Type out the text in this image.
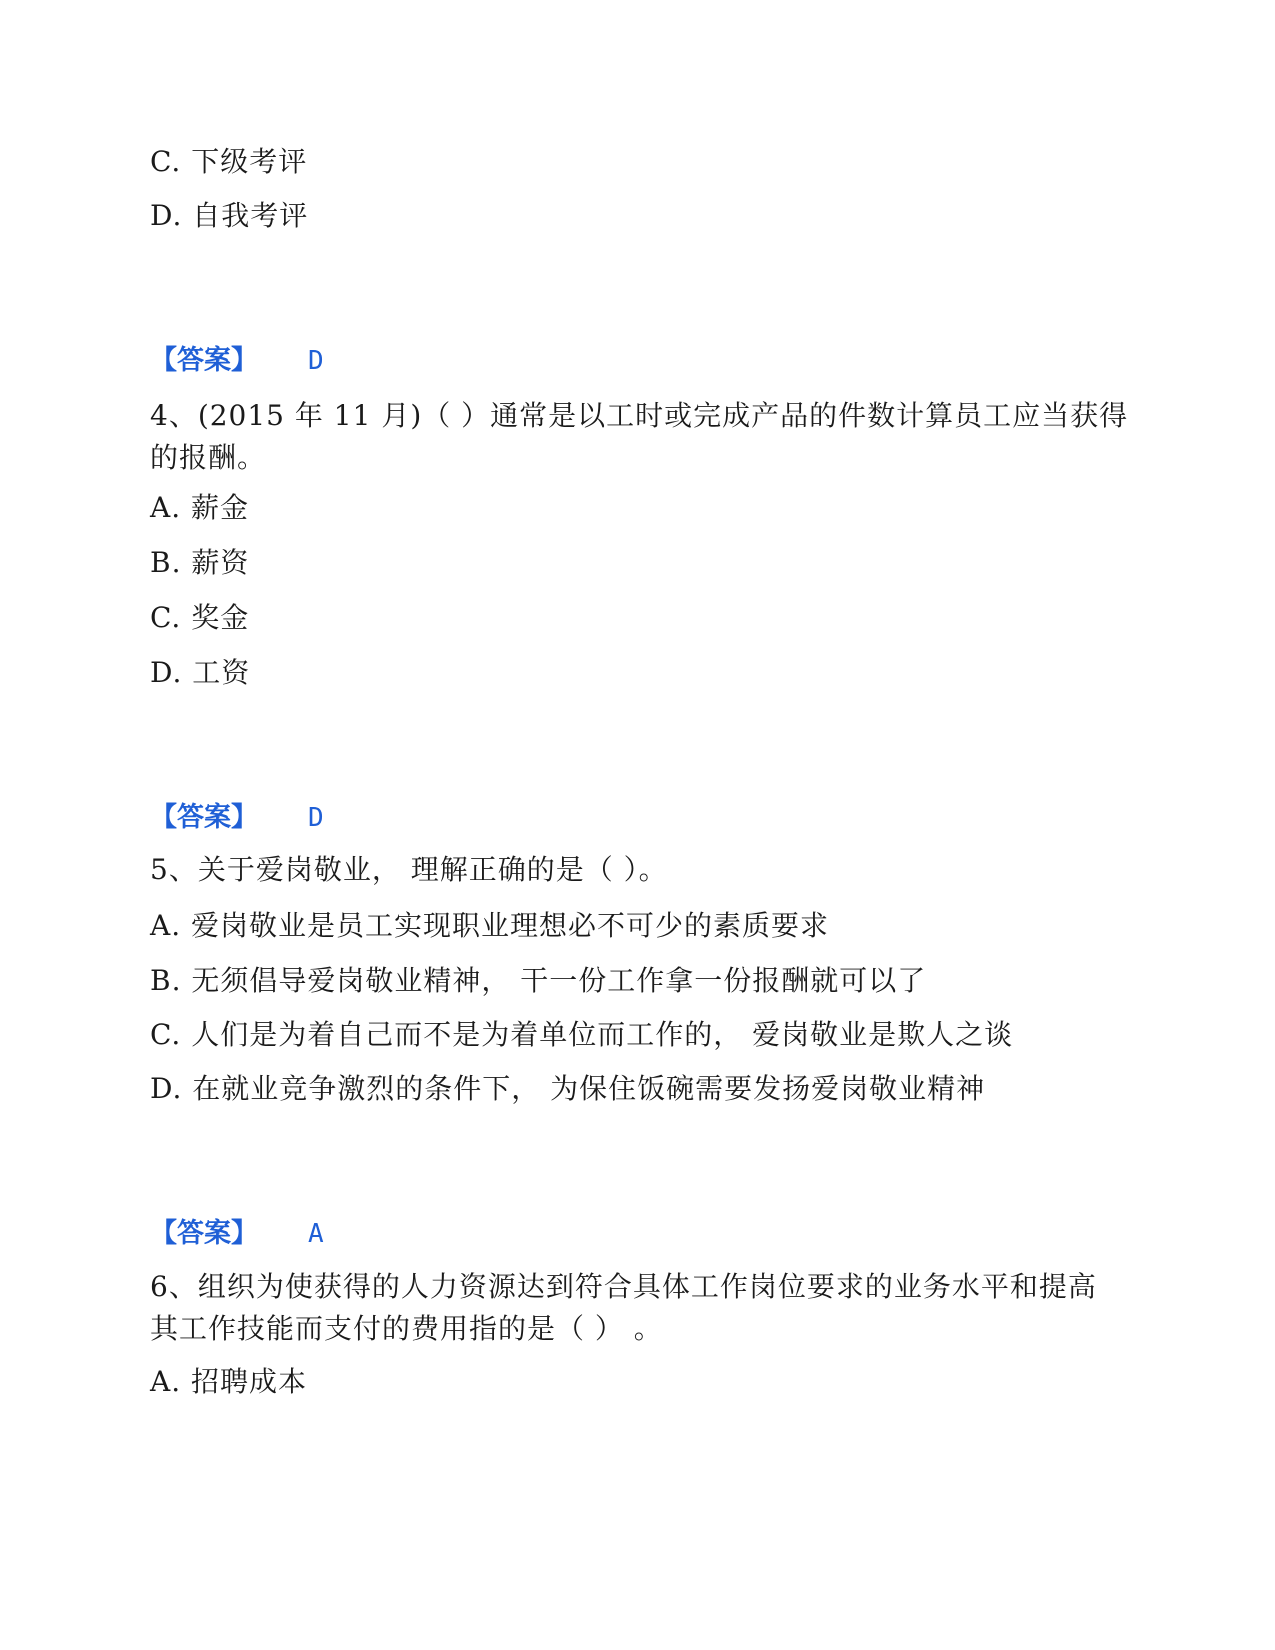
C. 下级考评
D. 自我考评
【答案】 D
4、(2015 年 11 月)（ ）通常是以工时或完成产品的件数计算员工应当获得
的报酬。
A. 薪金
B. 薪资
C. 奖金
D. 工资
【答案】 D
5、关于爱岗敬业， 理解正确的是（ ）。
A. 爱岗敬业是员工实现职业理想必不可少的素质要求
B. 无须倡导爱岗敬业精神， 干一份工作拿一份报酬就可以了
C. 人们是为着自己而不是为着单位而工作的， 爱岗敬业是欺人之谈
D. 在就业竞争激烈的条件下， 为保住饭碗需要发扬爱岗敬业精神
【答案】 A
6、组织为使获得的人力资源达到符合具体工作岗位要求的业务水平和提高
其工作技能而支付的费用指的是（ ） 。
A. 招聘成本
